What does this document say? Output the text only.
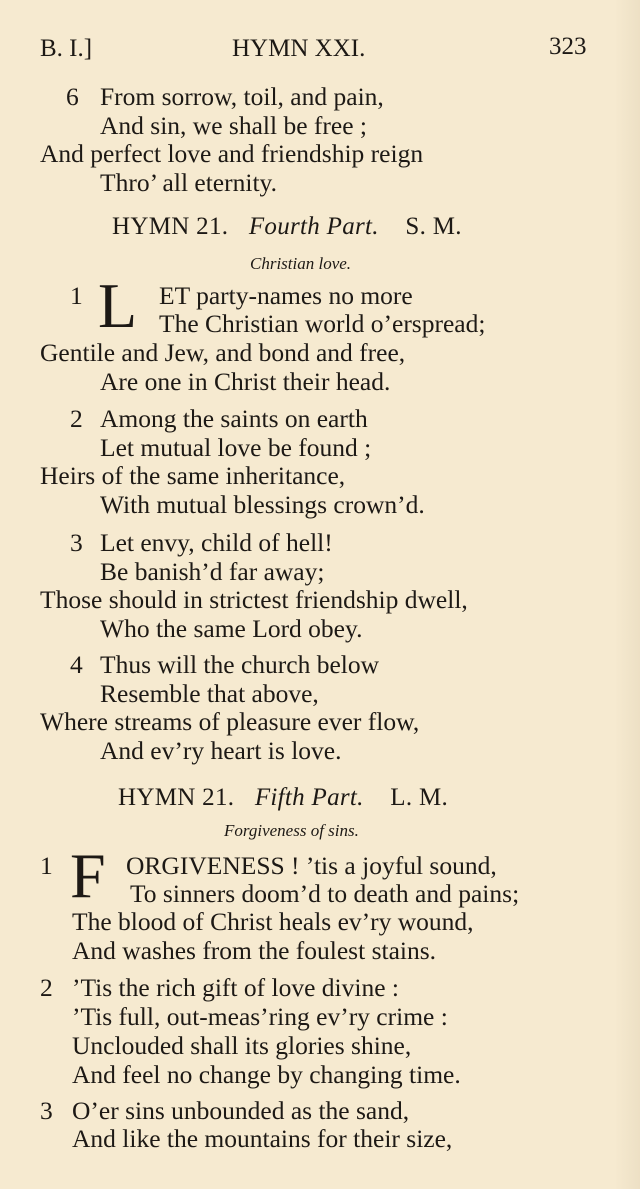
B. I.]	HYMN XXI.	323
6 From sorrow, toil, and pain,
And sin, we shall be free ;
And perfect love and friendship reign
Thro’ all eternity.
HYMN 21. Fourth Part. S. M.
Christian love.
1 L ET party-names no more
The Christian world o’erspread;
Gentile and Jew, and bond and free,
Are one in Christ their head.
2 Among the saints on earth
Let mutual love be found ;
Heirs of the same inheritance,
With mutual blessings crown’d.
3 Let envy, child of hell!
Be banish’d far away;
Those should in strictest friendship dwell,
Who the same Lord obey.
4 Thus will the church below
Resemble that above,
Where streams of pleasure ever flow,
And ev’ry heart is love.
HYMN 21. Fifth Part. L. M.
Forgiveness of sins.
1 F ORGIVENESS ! ’tis a joyful sound,
To sinners doom’d to death and pains;
The blood of Christ heals ev’ry wound,
And washes from the foulest stains.
2 ’Tis the rich gift of love divine :
’Tis full, out-meas’ring ev’ry crime :
Unclouded shall its glories shine,
And feel no change by changing time.
3 O’er sins unbounded as the sand,
And like the mountains for their size,
